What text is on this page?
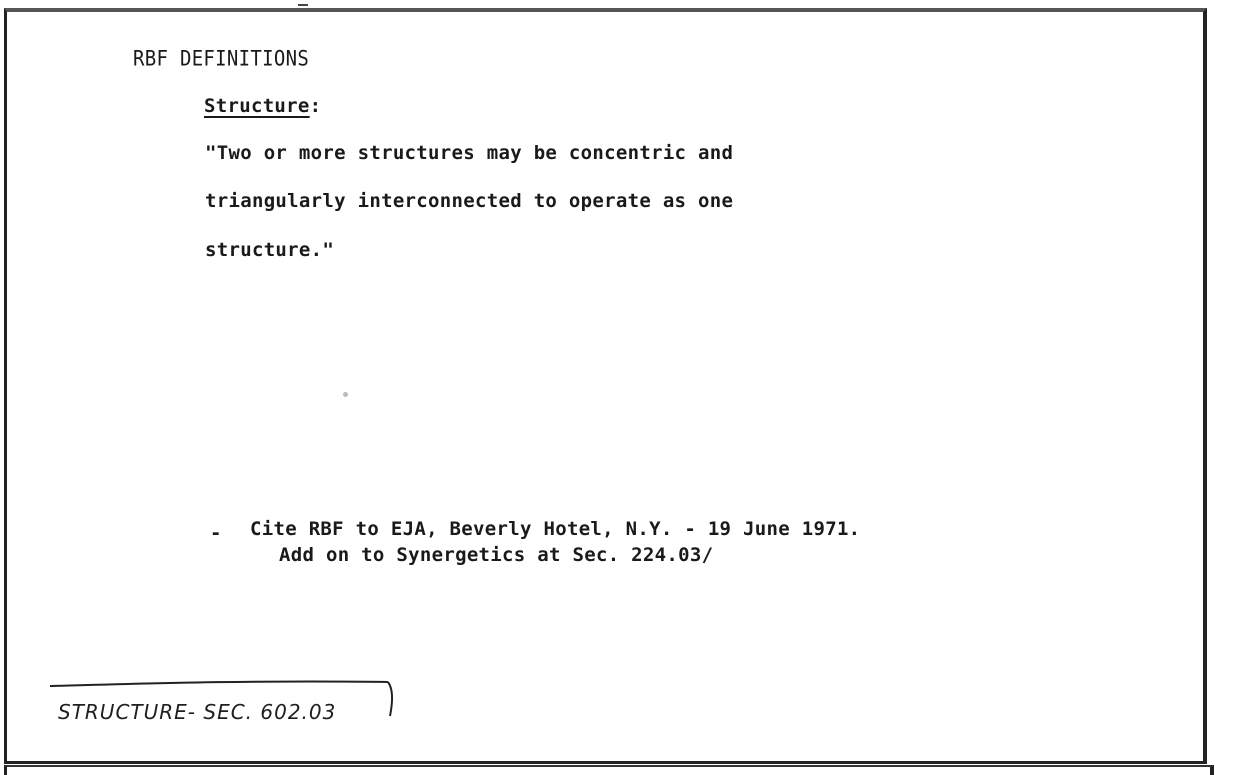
RBF DEFINITIONS
Structure:
"Two or more structures may be concentric and
triangularly interconnected to operate as one
structure."
- Cite RBF to EJA, Beverly Hotel, N.Y. - 19 June 1971.
Add on to Synergetics at Sec. 224.03/
STRUCTURE- SEC. 602.03
